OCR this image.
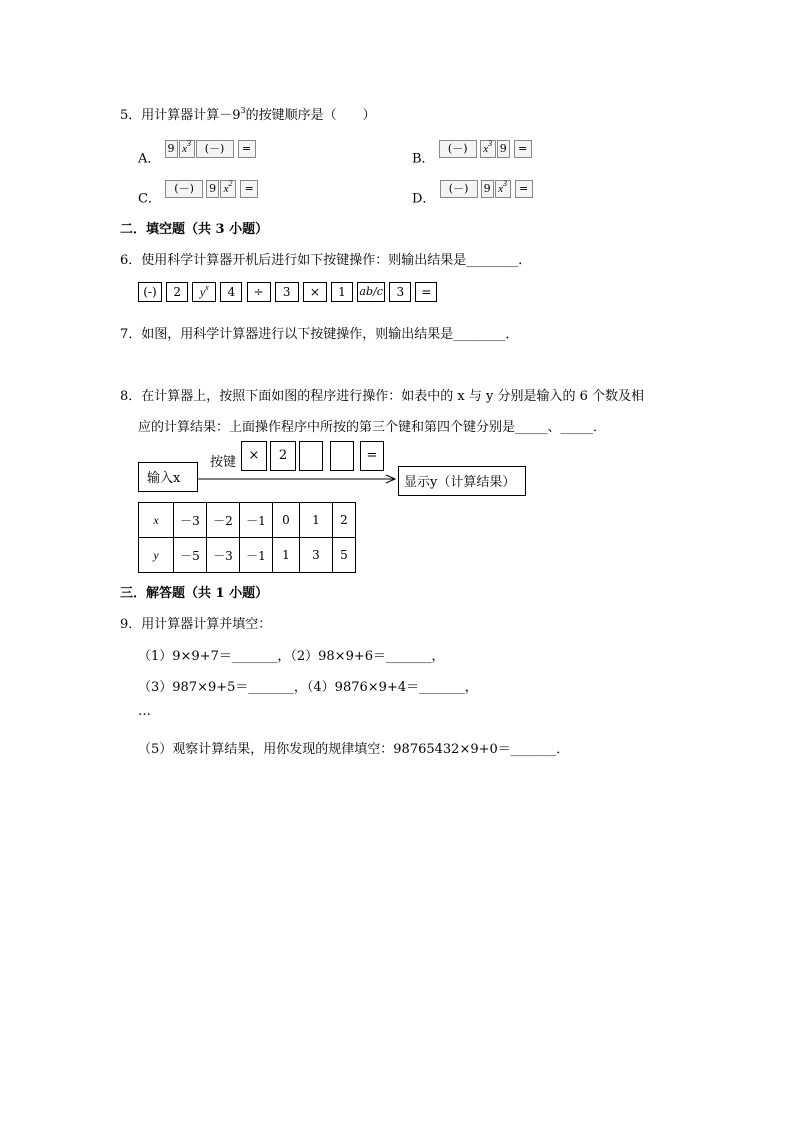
5．用计算器计算$-9^3$的按键顺序是（　　）
A． 9 $x^3$ (－) =
B． (－) $x^3$ 9 =
C． (－) 9 $x^2$ =
D． (－) 9 $x^3$ =
二．填空题（共 3 小题）
6．使用科学计算器开机后进行如下按键操作：则输出结果是________．
(-) 2 $y^x$ 4 ÷ 3 × 1 ab/c 3 =
7．如图，用科学计算器进行以下按键操作，则输出结果是________．
8．在计算器上，按照下面如图的程序进行操作：如表中的 x 与 y 分别是输入的 6 个数及相
应的计算结果：上面操作程序中所按的第三个键和第四个键分别是_____、_____．
输入x
按键 ×	2	=
显示y（计算结果）
x	－3	－2	－1	0	1	2
y	－5	－3	－1	1	3	5
三．解答题（共 1 小题）
9．用计算器计算并填空：
（1）9×9+7＝_______，（2）98×9+6＝_______，
（3）987×9+5＝_______，（4）9876×9+4＝_______，
…
（5）观察计算结果，用你发现的规律填空：98765432×9+0＝_______．
